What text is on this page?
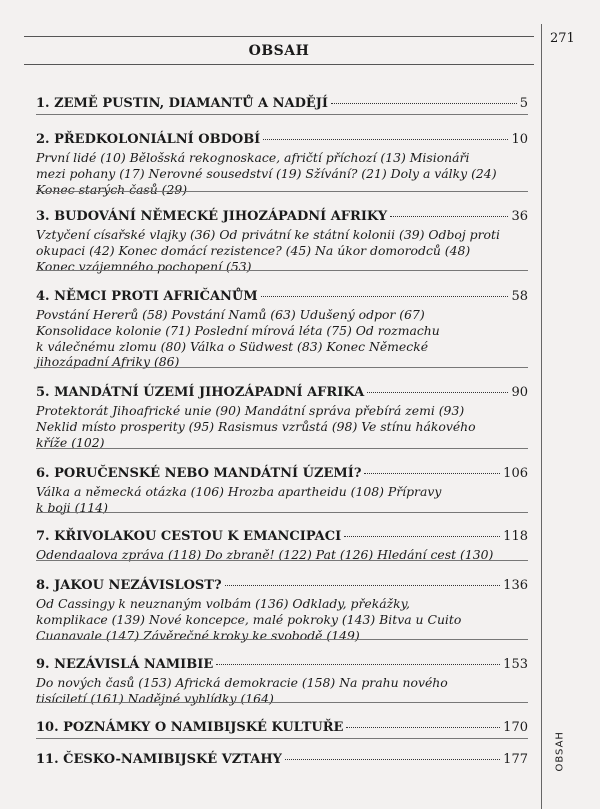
OBSAH
271
OBSAH
1. ZEMĚ PUSTIN, DIAMANTŮ A NADĚJÍ	5
2. PŘEDKOLONIÁLNÍ OBDOBÍ	10
První lidé (10) Bělošská rekognoskace, afričtí příchozí (13) Misionáři
mezi pohany (17) Nerovné sousedství (19) Sžívání? (21) Doly a války (24)
Konec starých časů (29)
3. BUDOVÁNÍ NĚMECKÉ JIHOZÁPADNÍ AFRIKY	36
Vztyčení císařské vlajky (36) Od privátní ke státní kolonii (39) Odboj proti
okupaci (42) Konec domácí rezistence? (45) Na úkor domorodců (48)
Konec vzájemného pochopení (53)
4. NĚMCI PROTI AFRIČANŮM	58
Povstání Hererů (58) Povstání Namů (63) Udušený odpor (67)
Konsolidace kolonie (71) Poslední mírová léta (75) Od rozmachu
k válečnému zlomu (80) Válka o Südwest (83) Konec Německé
jihozápadní Afriky (86)
5. MANDÁTNÍ ÚZEMÍ JIHOZÁPADNÍ AFRIKA	90
Protektorát Jihoafrické unie (90) Mandátní správa přebírá zemi (93)
Neklid místo prosperity (95) Rasismus vzrůstá (98) Ve stínu hákového
kříže (102)
6. PORUČENSKÉ NEBO MANDÁTNÍ ÚZEMÍ?	106
Válka a německá otázka (106) Hrozba apartheidu (108) Přípravy
k boji (114)
7. KŘIVOLAKOU CESTOU K EMANCIPACI	118
Odendaalova zpráva (118) Do zbraně! (122) Pat (126) Hledání cest (130)
8. JAKOU NEZÁVISLOST?	136
Od Cassingy k neuznaným volbám (136) Odklady, překážky,
komplikace (139) Nové koncepce, malé pokroky (143) Bitva u Cuito
Cuanavale (147) Závěrečné kroky ke svobodě (149)
9. NEZÁVISLÁ NAMIBIE	153
Do nových časů (153) Africká demokracie (158) Na prahu nového
tisíciletí (161) Nadějné vyhlídky (164)
10. POZNÁMKY O NAMIBIJSKÉ KULTUŘE	170
11. ČESKO-NAMIBIJSKÉ VZTAHY	177
